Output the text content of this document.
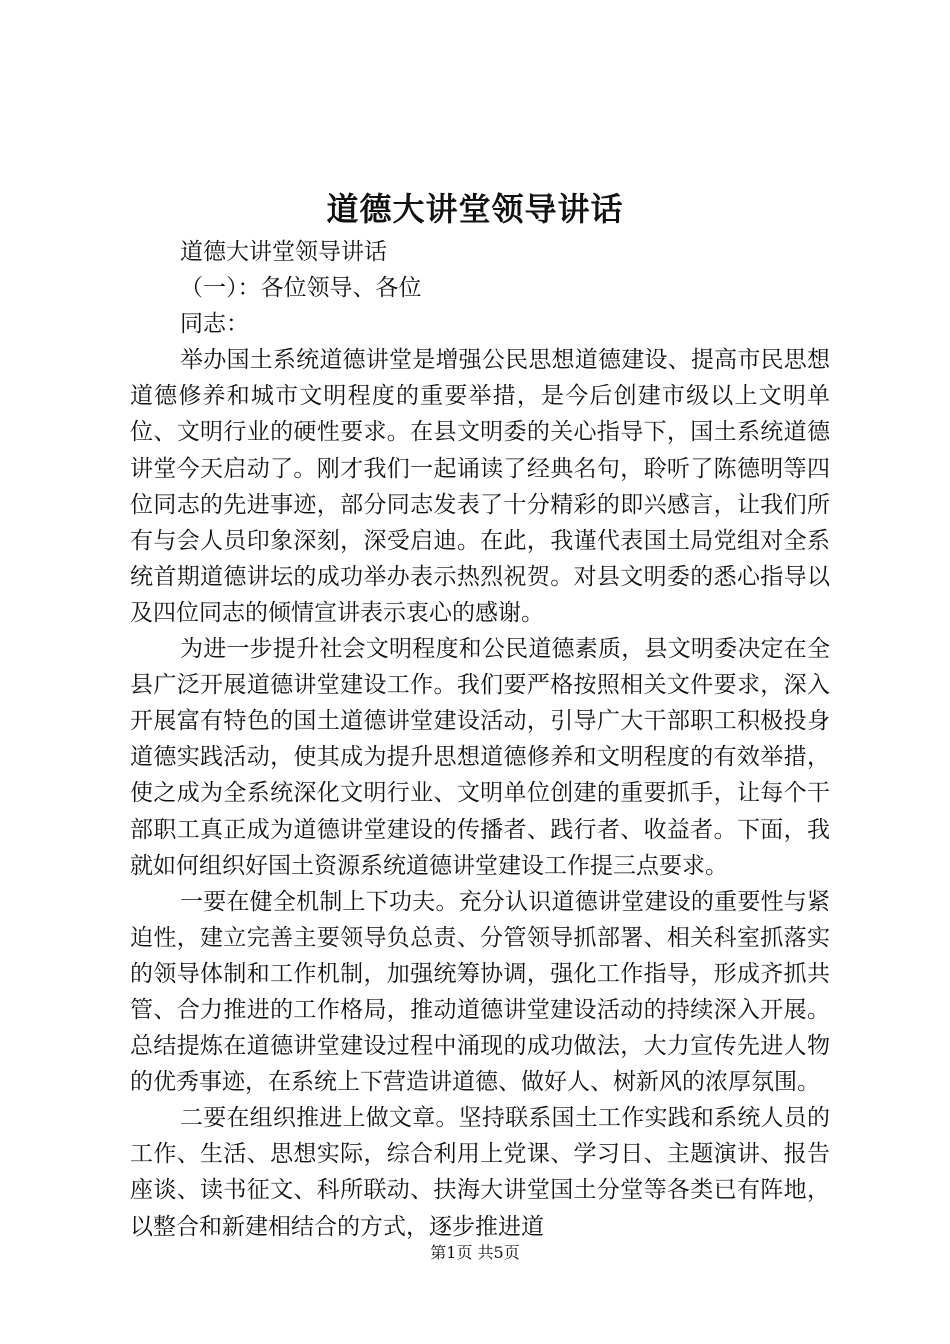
道德大讲堂领导讲话

道德大讲堂领导讲话

（一）：各位领导、各位

同志：

举办国土系统道德讲堂是增强公民思想道德建设、提高市民思想道德修养和城市文明程度的重要举措，是今后创建市级以上文明单位、文明行业的硬性要求。在县文明委的关心指导下，国土系统道德讲堂今天启动了。刚才我们一起诵读了经典名句，聆听了陈德明等四位同志的先进事迹，部分同志发表了十分精彩的即兴感言，让我们所有与会人员印象深刻，深受启迪。在此，我谨代表国土局党组对全系统首期道德讲坛的成功举办表示热烈祝贺。对县文明委的悉心指导以及四位同志的倾情宣讲表示衷心的感谢。

为进一步提升社会文明程度和公民道德素质，县文明委决定在全县广泛开展道德讲堂建设工作。我们要严格按照相关文件要求，深入开展富有特色的国土道德讲堂建设活动，引导广大干部职工积极投身道德实践活动，使其成为提升思想道德修养和文明程度的有效举措，使之成为全系统深化文明行业、文明单位创建的重要抓手，让每个干部职工真正成为道德讲堂建设的传播者、践行者、收益者。下面，我就如何组织好国土资源系统道德讲堂建设工作提三点要求。

一要在健全机制上下功夫。充分认识道德讲堂建设的重要性与紧迫性，建立完善主要领导负总责、分管领导抓部署、相关科室抓落实的领导体制和工作机制，加强统筹协调，强化工作指导，形成齐抓共管、合力推进的工作格局，推动道德讲堂建设活动的持续深入开展。总结提炼在道德讲堂建设过程中涌现的成功做法，大力宣传先进人物的优秀事迹，在系统上下营造讲道德、做好人、树新风的浓厚氛围。

二要在组织推进上做文章。坚持联系国土工作实践和系统人员的工作、生活、思想实际，综合利用上党课、学习日、主题演讲、报告座谈、读书征文、科所联动、扶海大讲堂国土分堂等各类已有阵地，以整合和新建相结合的方式，逐步推进道

第1页 共5页
